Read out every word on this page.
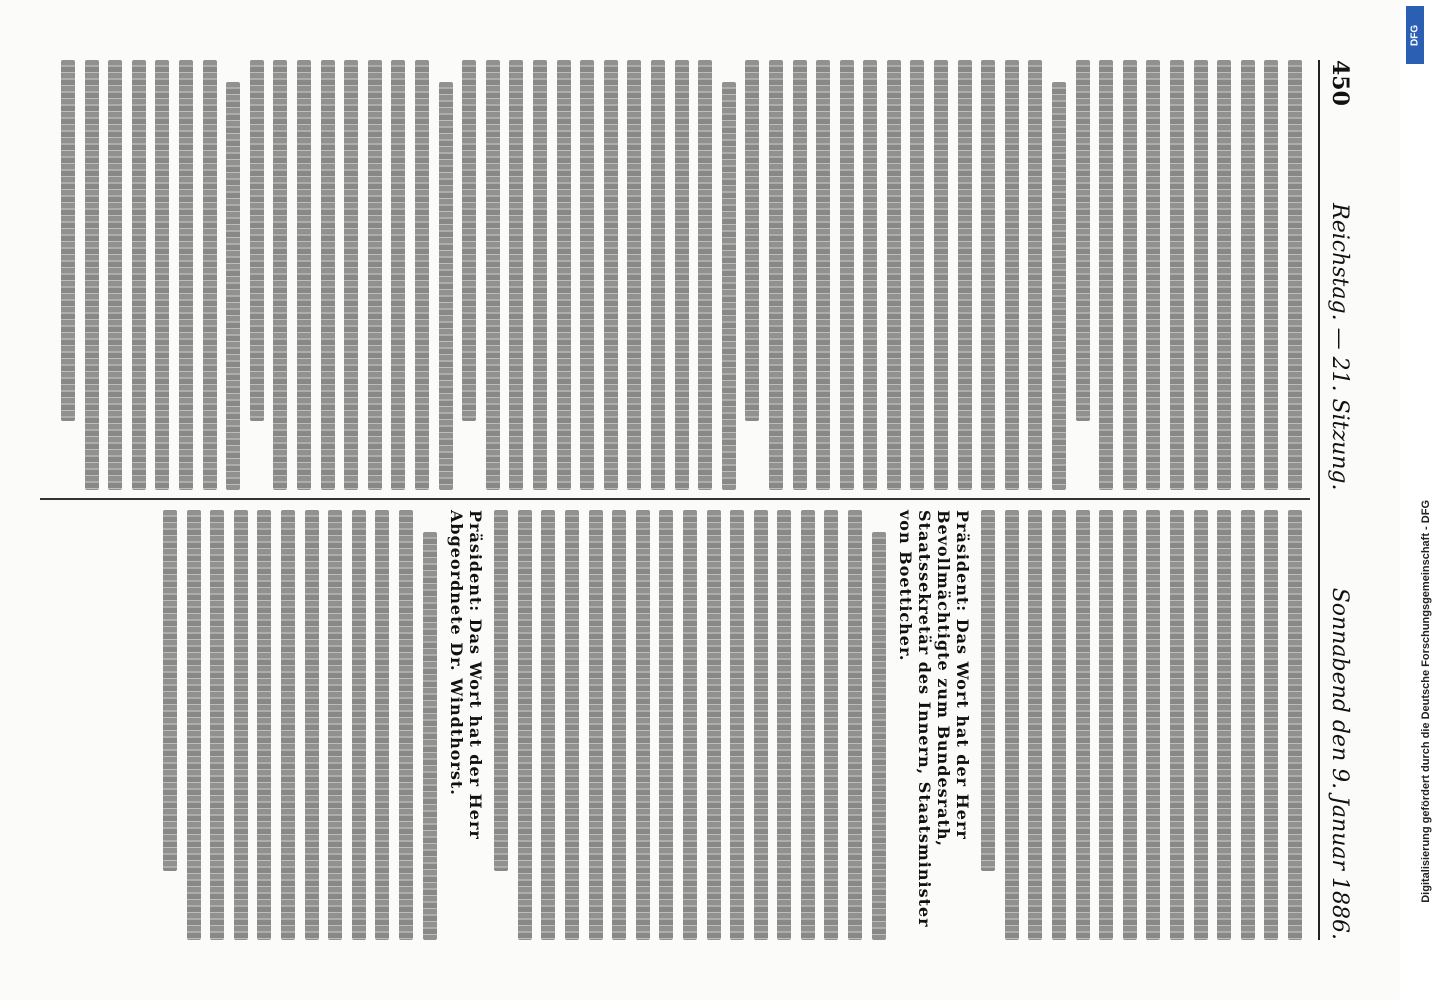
450
Reichstag. — 21. Sitzung.
Sonnabend den 9. Januar 1886.
Präsident: Das Wort hat der Herr Bevollmächtigte zum Bundesrath, Staatssekretär des Innern, Staatsminister von Boetticher.
Präsident: Das Wort hat der Herr Abgeordnete Dr. Windthorst.
DFG
Digitalisierung gefördert durch die Deutsche Forschungsgemeinschaft - DFG
